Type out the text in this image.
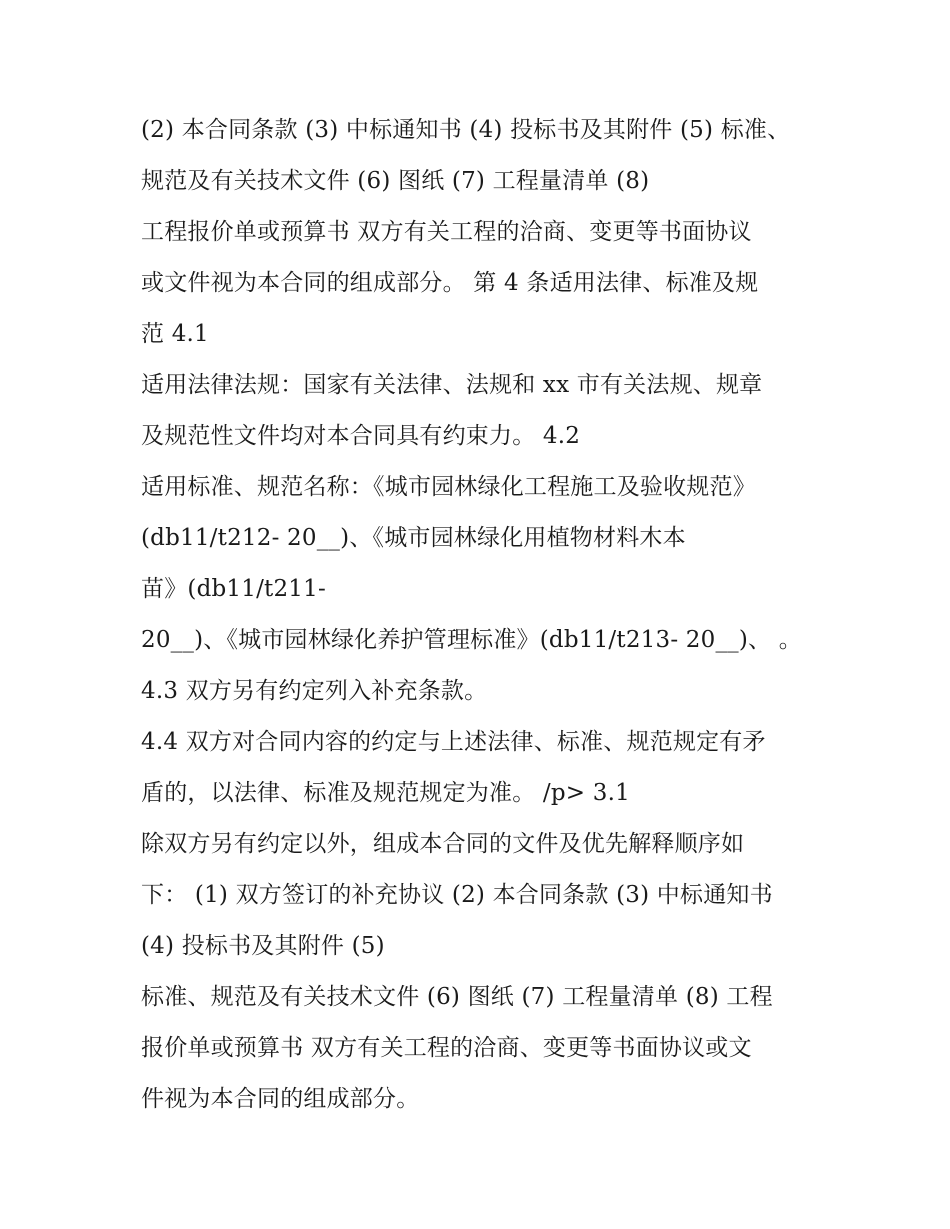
(2) 本合同条款 (3) 中标通知书 (4) 投标书及其附件 (5) 标准、
规范及有关技术文件 (6) 图纸 (7) 工程量清单 (8)
工程报价单或预算书 双方有关工程的洽商、变更等书面协议
或文件视为本合同的组成部分。 第 4 条适用法律、标准及规
范 4.1
适用法律法规：国家有关法律、法规和 xx 市有关法规、规章
及规范性文件均对本合同具有约束力。 4.2
适用标准、规范名称：《城市园林绿化工程施工及验收规范》
(db11/t212- 20__)、《城市园林绿化用植物材料木本
苗》(db11/t211-
20__)、《城市园林绿化养护管理标准》(db11/t213- 20__)、 。
4.3 双方另有约定列入补充条款。
4.4 双方对合同内容的约定与上述法律、标准、规范规定有矛
盾的，以法律、标准及规范规定为准。 /p> 3.1
除双方另有约定以外，组成本合同的文件及优先解释顺序如
下： (1) 双方签订的补充协议 (2) 本合同条款 (3) 中标通知书
(4) 投标书及其附件 (5)
标准、规范及有关技术文件 (6) 图纸 (7) 工程量清单 (8) 工程
报价单或预算书 双方有关工程的洽商、变更等书面协议或文
件视为本合同的组成部分。
